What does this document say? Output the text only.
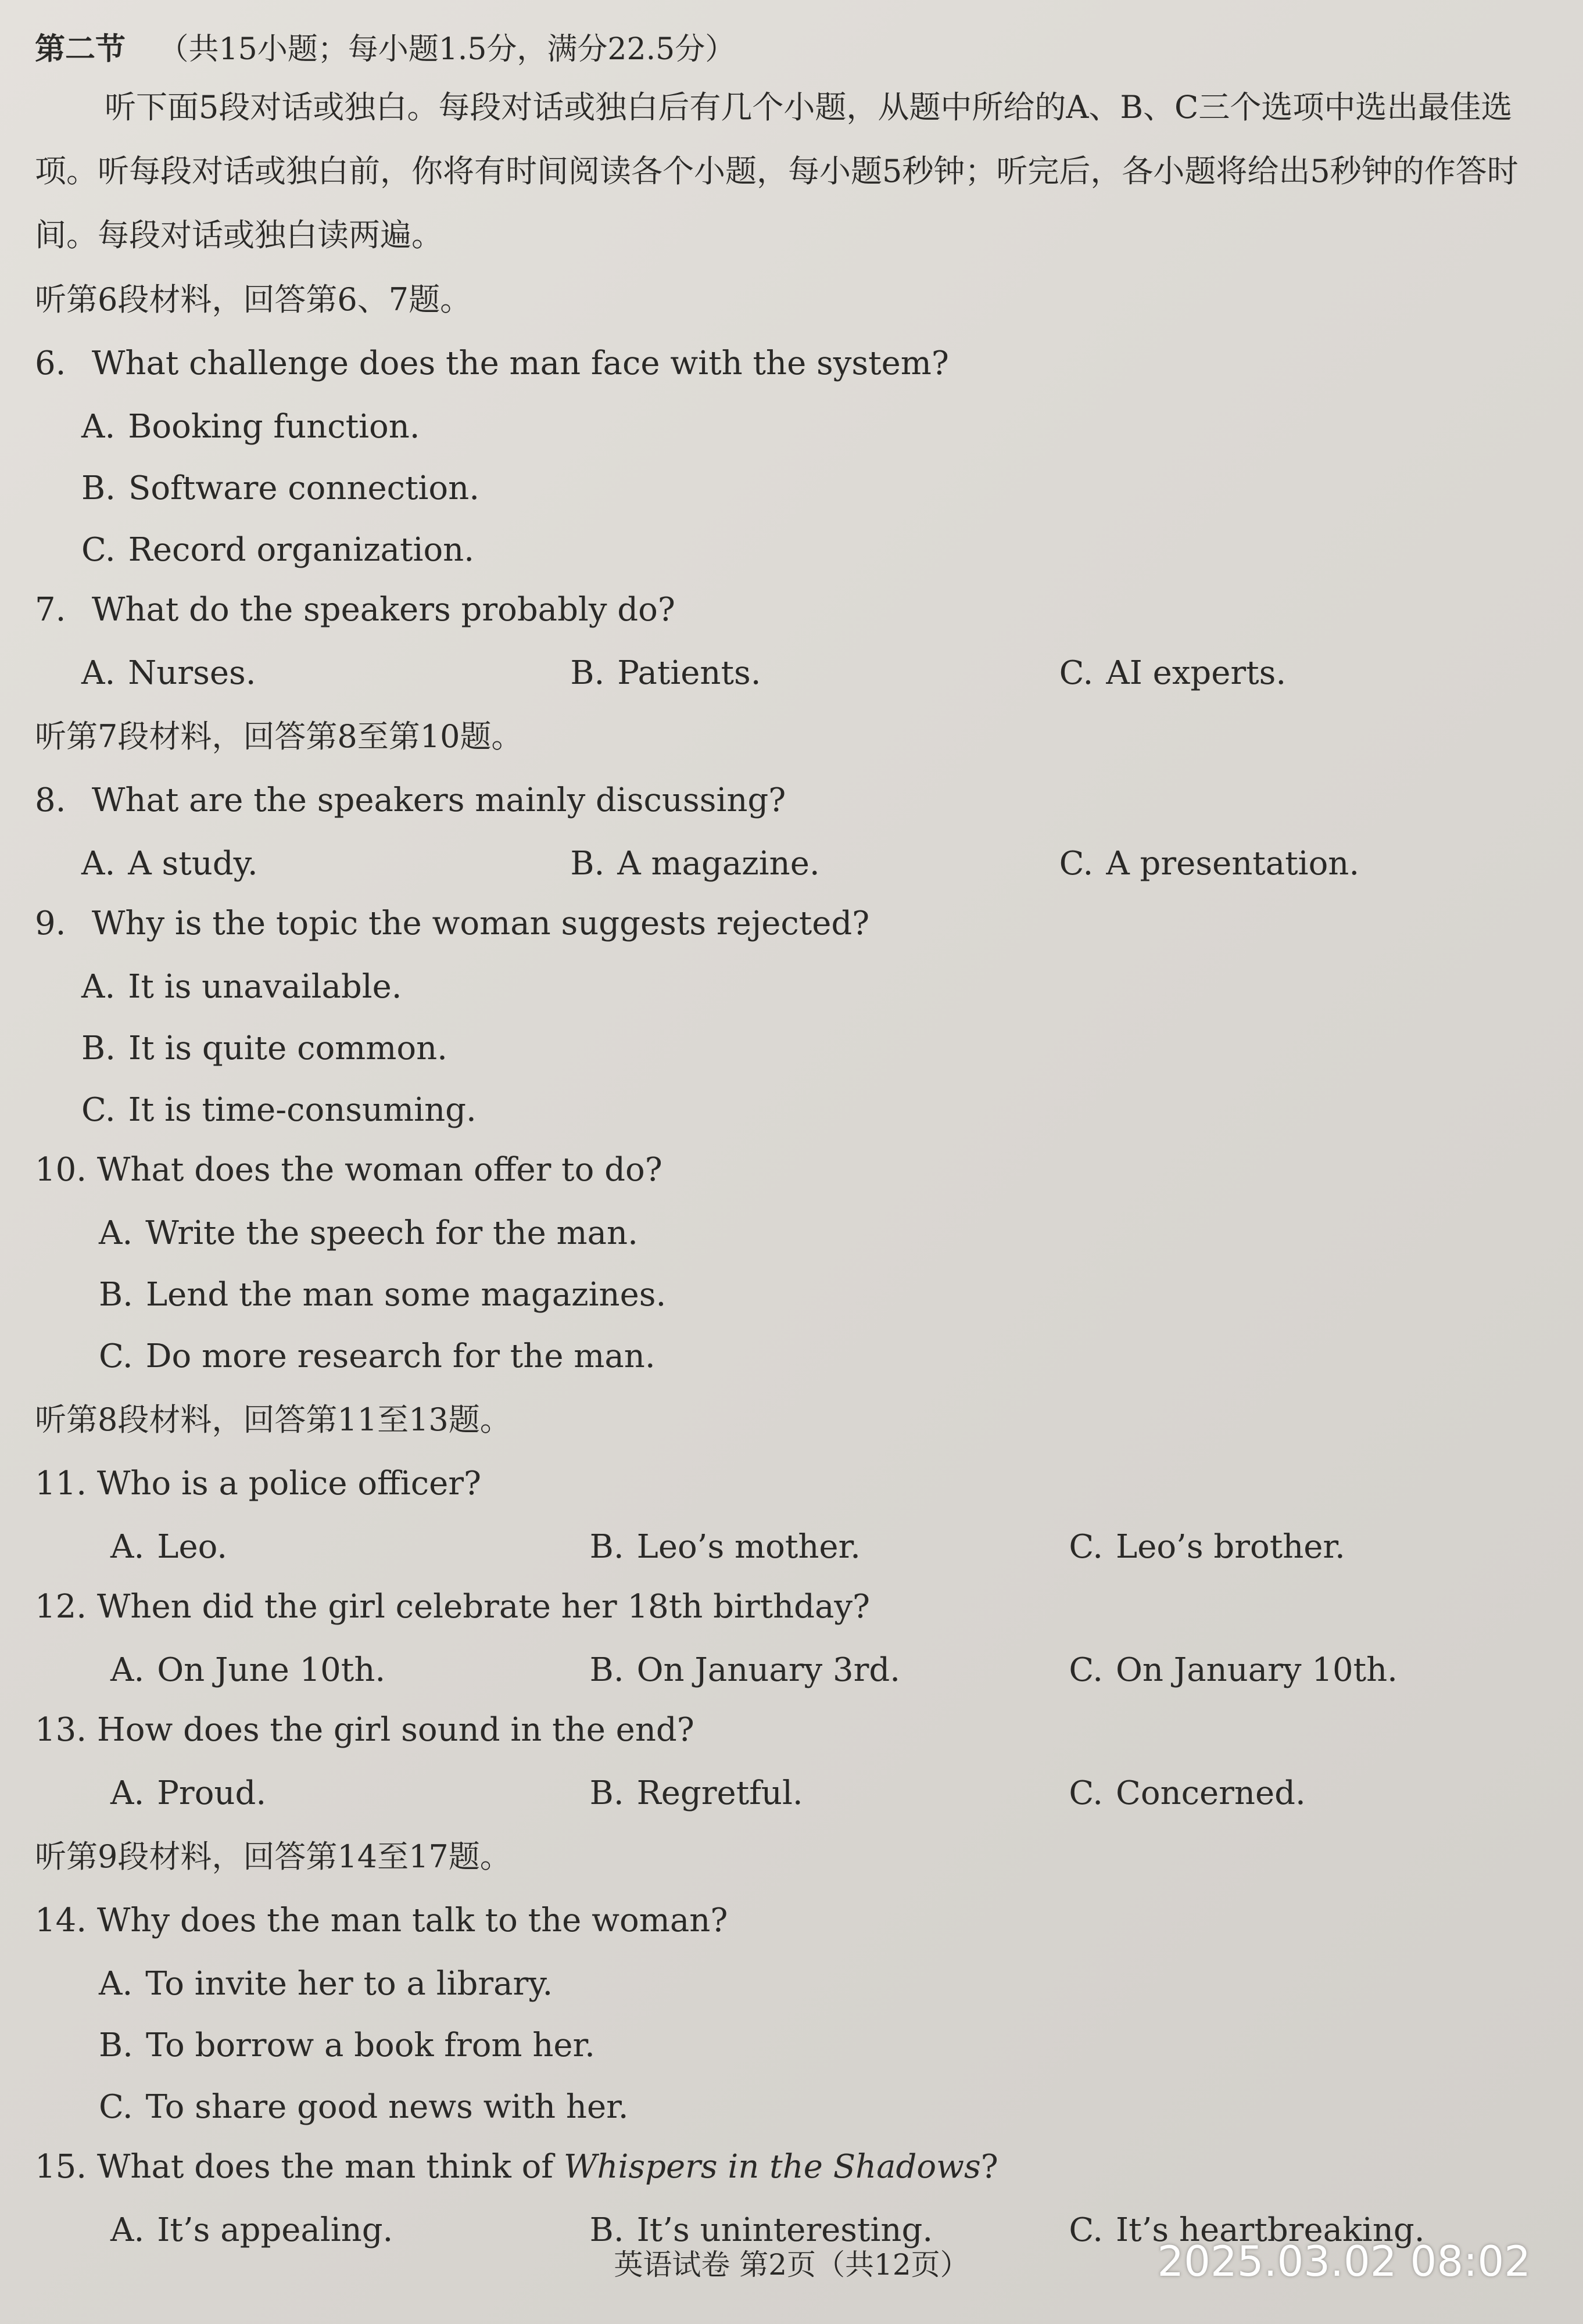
第二节 （共15小题；每小题1.5分，满分22.5分）

听下面5段对话或独白。每段对话或独白后有几个小题，从题中所给的A、B、C三个选项中选出最佳选项。听每段对话或独白前，你将有时间阅读各个小题，每小题5秒钟；听完后，各小题将给出5秒钟的作答时间。每段对话或独白读两遍。

听第6段材料，回答第6、7题。
6. What challenge does the man face with the system?
A. Booking function.
B. Software connection.
C. Record organization.
7. What do the speakers probably do?
A. Nurses.	B. Patients.	C. AI experts.
听第7段材料，回答第8至第10题。
8. What are the speakers mainly discussing?
A. A study.	B. A magazine.	C. A presentation.
9. Why is the topic the woman suggests rejected?
A. It is unavailable.
B. It is quite common.
C. It is time-consuming.
10. What does the woman offer to do?
A. Write the speech for the man.
B. Lend the man some magazines.
C. Do more research for the man.
听第8段材料，回答第11至13题。
11. Who is a police officer?
A. Leo.	B. Leo’s mother.	C. Leo’s brother.
12. When did the girl celebrate her 18th birthday?
A. On June 10th.	B. On January 3rd.	C. On January 10th.
13. How does the girl sound in the end?
A. Proud.	B. Regretful.	C. Concerned.
听第9段材料，回答第14至17题。
14. Why does the man talk to the woman?
A. To invite her to a library.
B. To borrow a book from her.
C. To share good news with her.
15. What does the man think of Whispers in the Shadows?
A. It’s appealing.	B. It’s uninteresting.	C. It’s heartbreaking.
英语试卷 第2页（共12页）	2025.03.02 08:02
